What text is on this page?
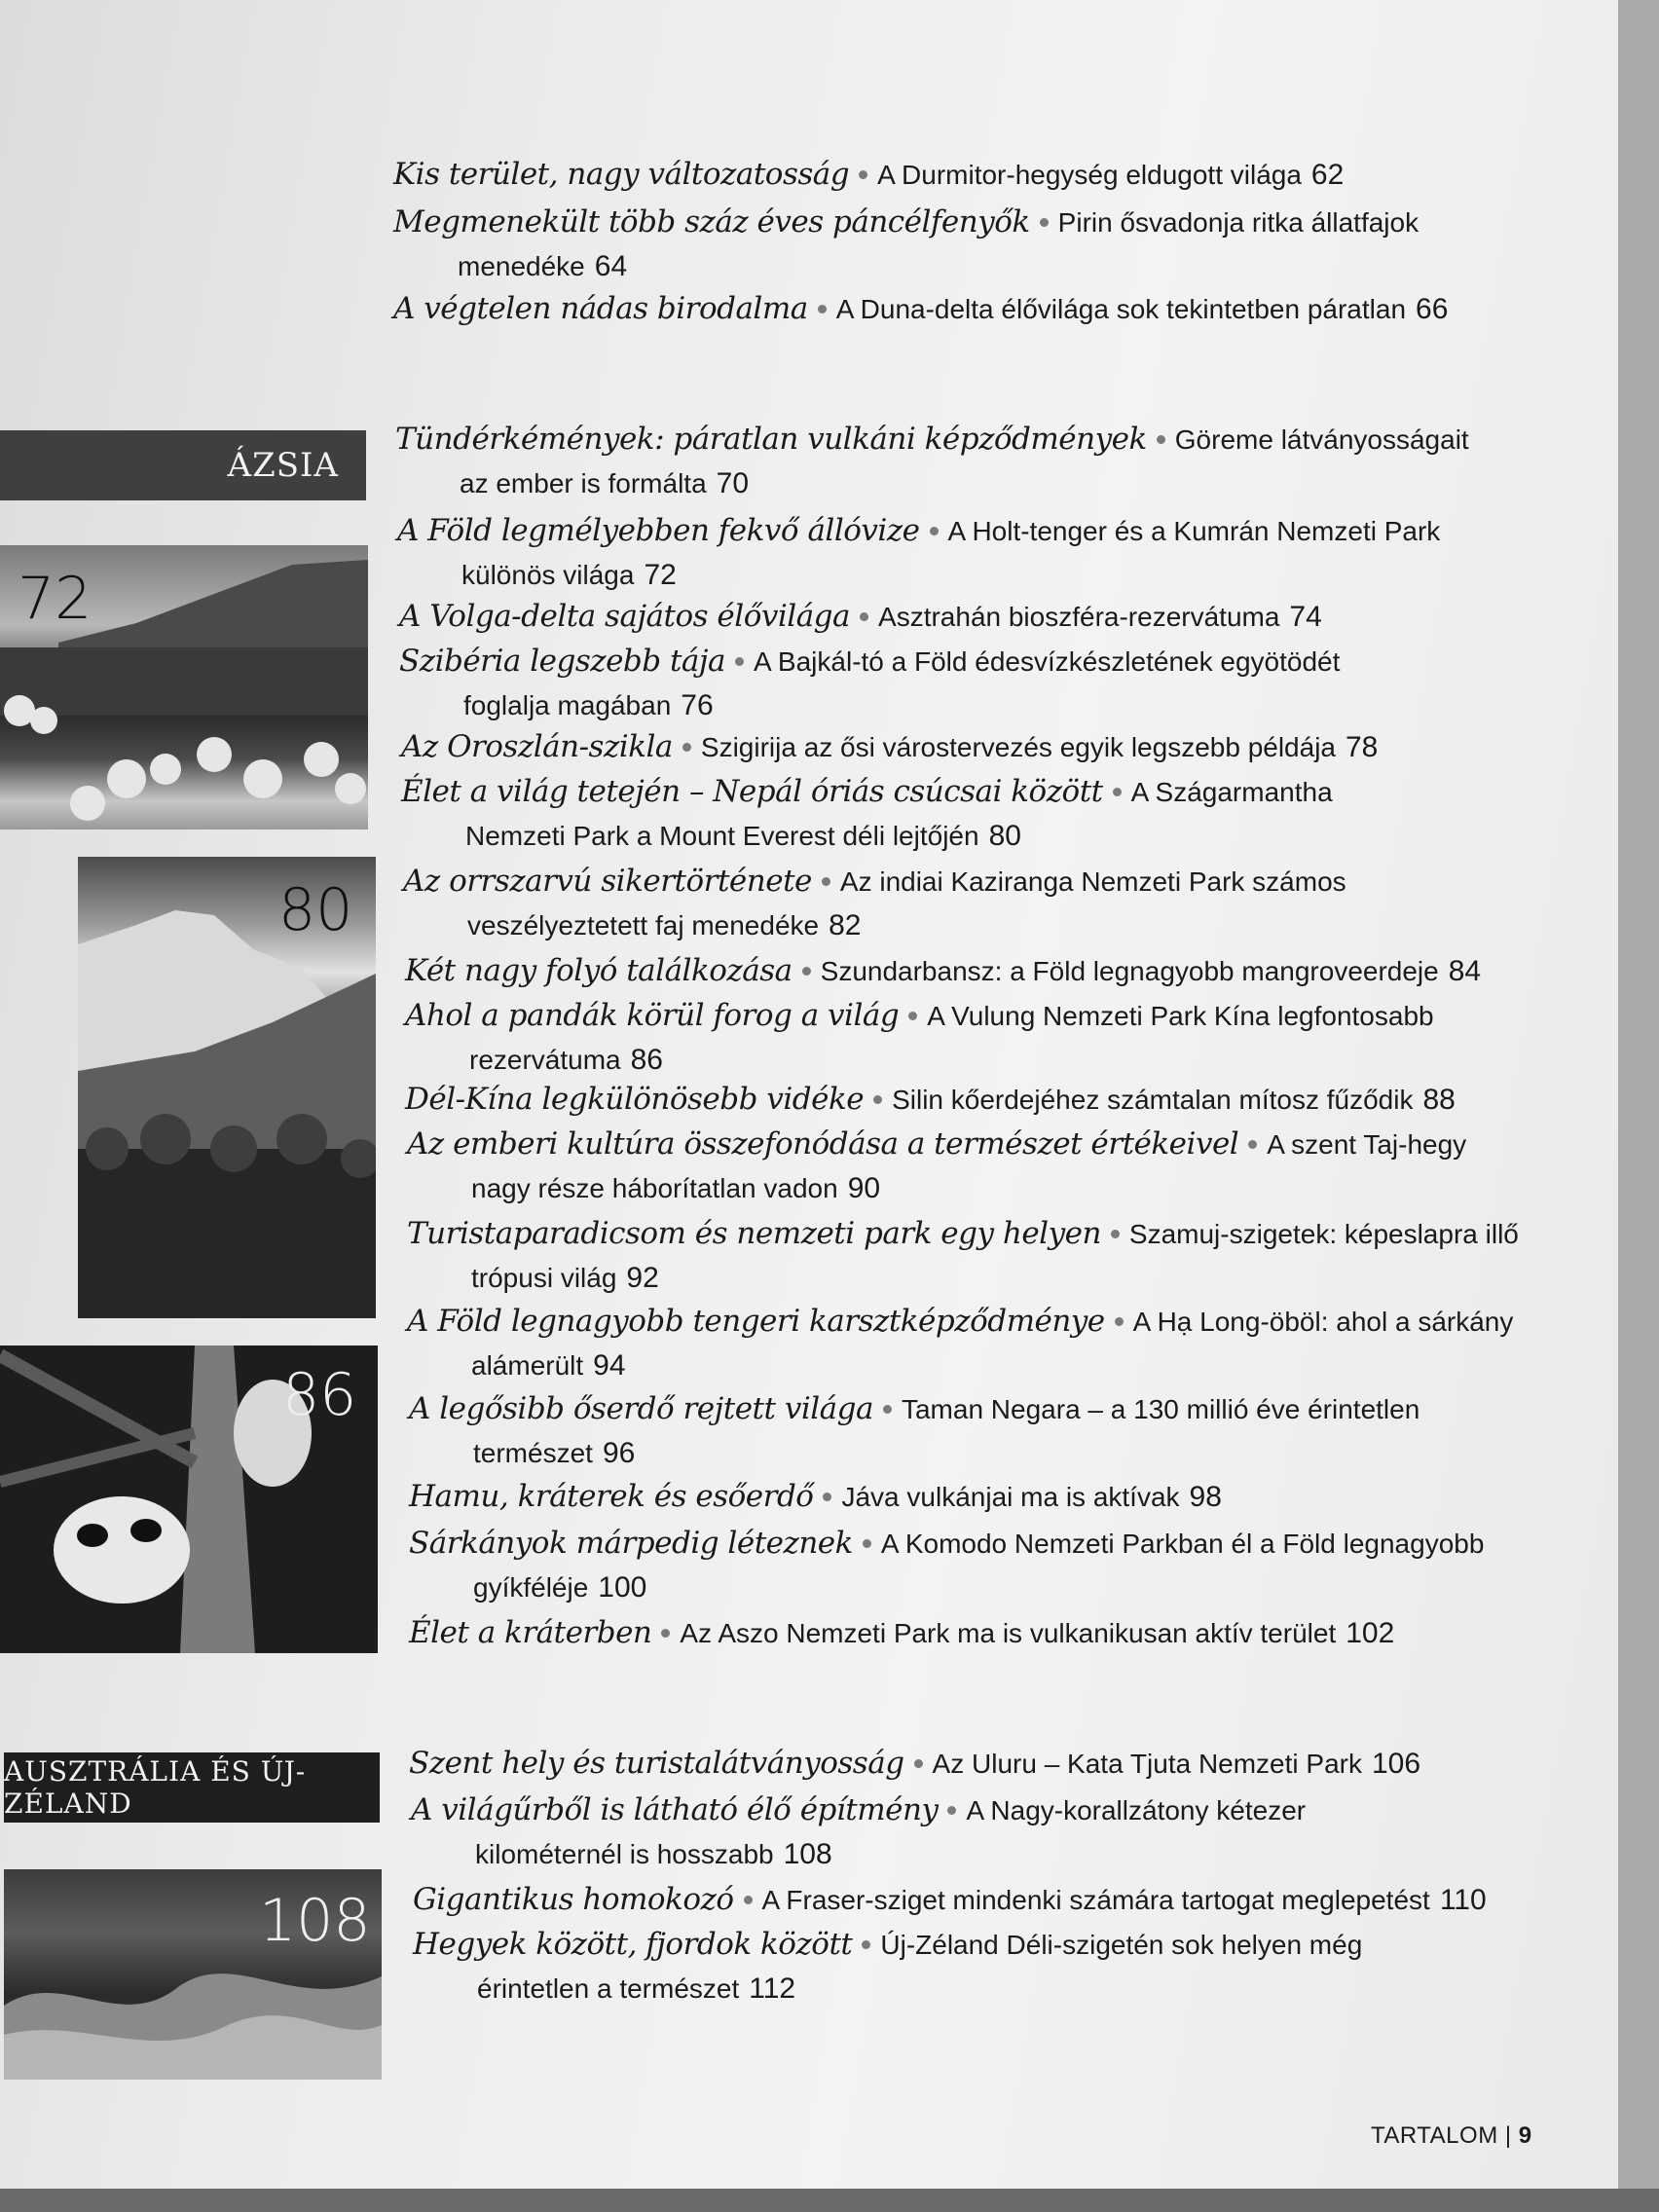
ÁZSIA
AUSZTRÁLIA ÉS ÚJ-ZÉLAND
72
80
86
108
Kis terület, nagy változatosság A Durmitor-hegység eldugott világa 62
Megmenekült több száz éves páncélfenyők Pirin ősvadonja ritka állatfajok
menedéke 64
A végtelen nádas birodalma A Duna-delta élővilága sok tekintetben páratlan 66
Tündérkémények: páratlan vulkáni képződmények Göreme látványosságait
az ember is formálta 70
A Föld legmélyebben fekvő állóvize A Holt-tenger és a Kumrán Nemzeti Park
különös világa 72
A Volga-delta sajátos élővilága Asztrahán bioszféra-rezervátuma 74
Szibéria legszebb tája A Bajkál-tó a Föld édesvízkészletének egyötödét
foglalja magában 76
Az Oroszlán-szikla Szigirija az ősi várostervezés egyik legszebb példája 78
Élet a világ tetején – Nepál óriás csúcsai között A Szágarmantha
Nemzeti Park a Mount Everest déli lejtőjén 80
Az orrszarvú sikertörténete Az indiai Kaziranga Nemzeti Park számos
veszélyeztetett faj menedéke 82
Két nagy folyó találkozása Szundarbansz: a Föld legnagyobb mangroveerdeje 84
Ahol a pandák körül forog a világ A Vulung Nemzeti Park Kína legfontosabb
rezervátuma 86
Dél-Kína legkülönösebb vidéke Silin kőerdejéhez számtalan mítosz fűződik 88
Az emberi kultúra összefonódása a természet értékeivel A szent Taj-hegy
nagy része háborítatlan vadon 90
Turistaparadicsom és nemzeti park egy helyen Szamuj-szigetek: képeslapra illő
trópusi világ 92
A Föld legnagyobb tengeri karsztképződménye A Hạ Long-öböl: ahol a sárkány
alámerült 94
A legősibb őserdő rejtett világa Taman Negara – a 130 millió éve érintetlen
természet 96
Hamu, kráterek és esőerdő Jáva vulkánjai ma is aktívak 98
Sárkányok márpedig léteznek A Komodo Nemzeti Parkban él a Föld legnagyobb
gyíkféléje 100
Élet a kráterben Az Aszo Nemzeti Park ma is vulkanikusan aktív terület 102
Szent hely és turistalátványosság Az Uluru – Kata Tjuta Nemzeti Park 106
A világűrből is látható élő építmény A Nagy-korallzátony kétezer
kilométernél is hosszabb 108
Gigantikus homokozó A Fraser-sziget mindenki számára tartogat meglepetést 110
Hegyek között, fjordok között Új-Zéland Déli-szigetén sok helyen még
érintetlen a természet 112
TARTALOM | 9
